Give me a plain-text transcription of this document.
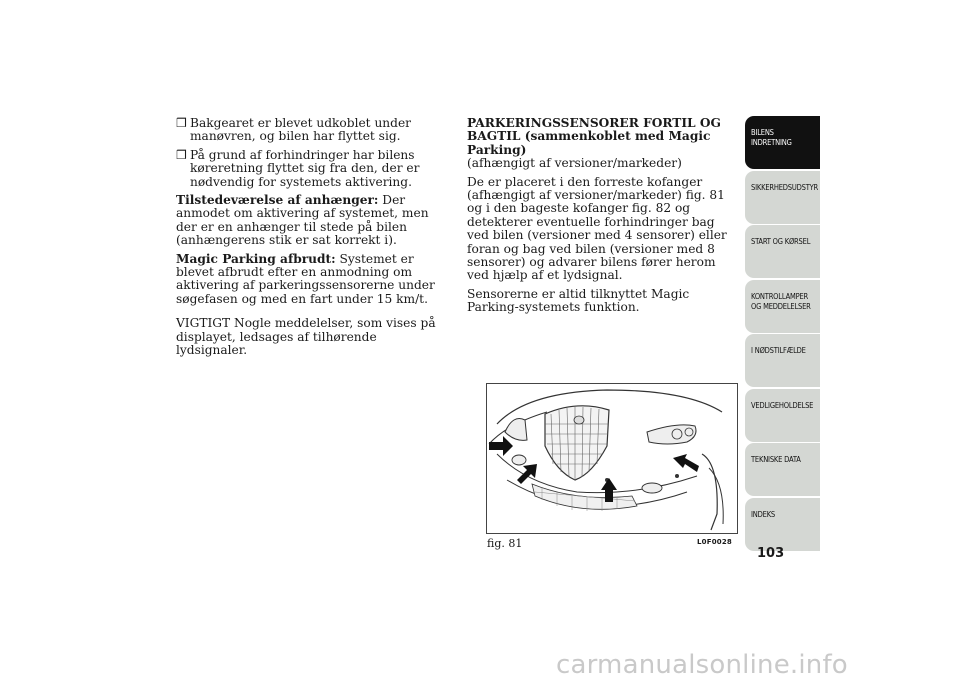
❒ Bakgearet er blevet udkoblet under manøvren, og bilen har flyttet sig.
❒ På grund af forhindringer har bilens køreretning flyttet sig fra den, der er nødvendig for systemets aktivering.

Tilstedeværelse af anhænger: Der anmodet om aktivering af systemet, men der er en anhænger til stede på bilen (anhængerens stik er sat korrekt i).

Magic Parking afbrudt: Systemet er blevet afbrudt efter en anmodning om aktivering af parkeringssensorerne under søgefasen og med en fart under 15 km/t.

VIGTIGT Nogle meddelelser, som vises på displayet, ledsages af tilhørende lydsignaler.

PARKERINGSSENSORER FORTIL OG BAGTIL (sammenkoblet med Magic Parking)

(afhængigt af versioner/markeder)

De er placeret i den forreste kofanger (afhængigt af versioner/markeder) fig. 81 og i den bageste kofanger fig. 82 og detekterer eventuelle forhindringer bag ved bilen (versioner med 4 sensorer) eller foran og bag ved bilen (versioner med 8 sensorer) og advarer bilens fører herom ved hjælp af et lydsignal.

Sensorerne er altid tilknyttet Magic Parking-systemets funktion.

fig. 81	L0F0028
BILENS INDRETNING
SIKKERHEDSUDSTYR
START OG KØRSEL
KONTROLLAMPER OG MEDDELELSER
I NØDSTILFÆLDE
VEDLIGEHOLDELSE
TEKNISKE DATA
INDEKS
103
carmanualsonline.info
